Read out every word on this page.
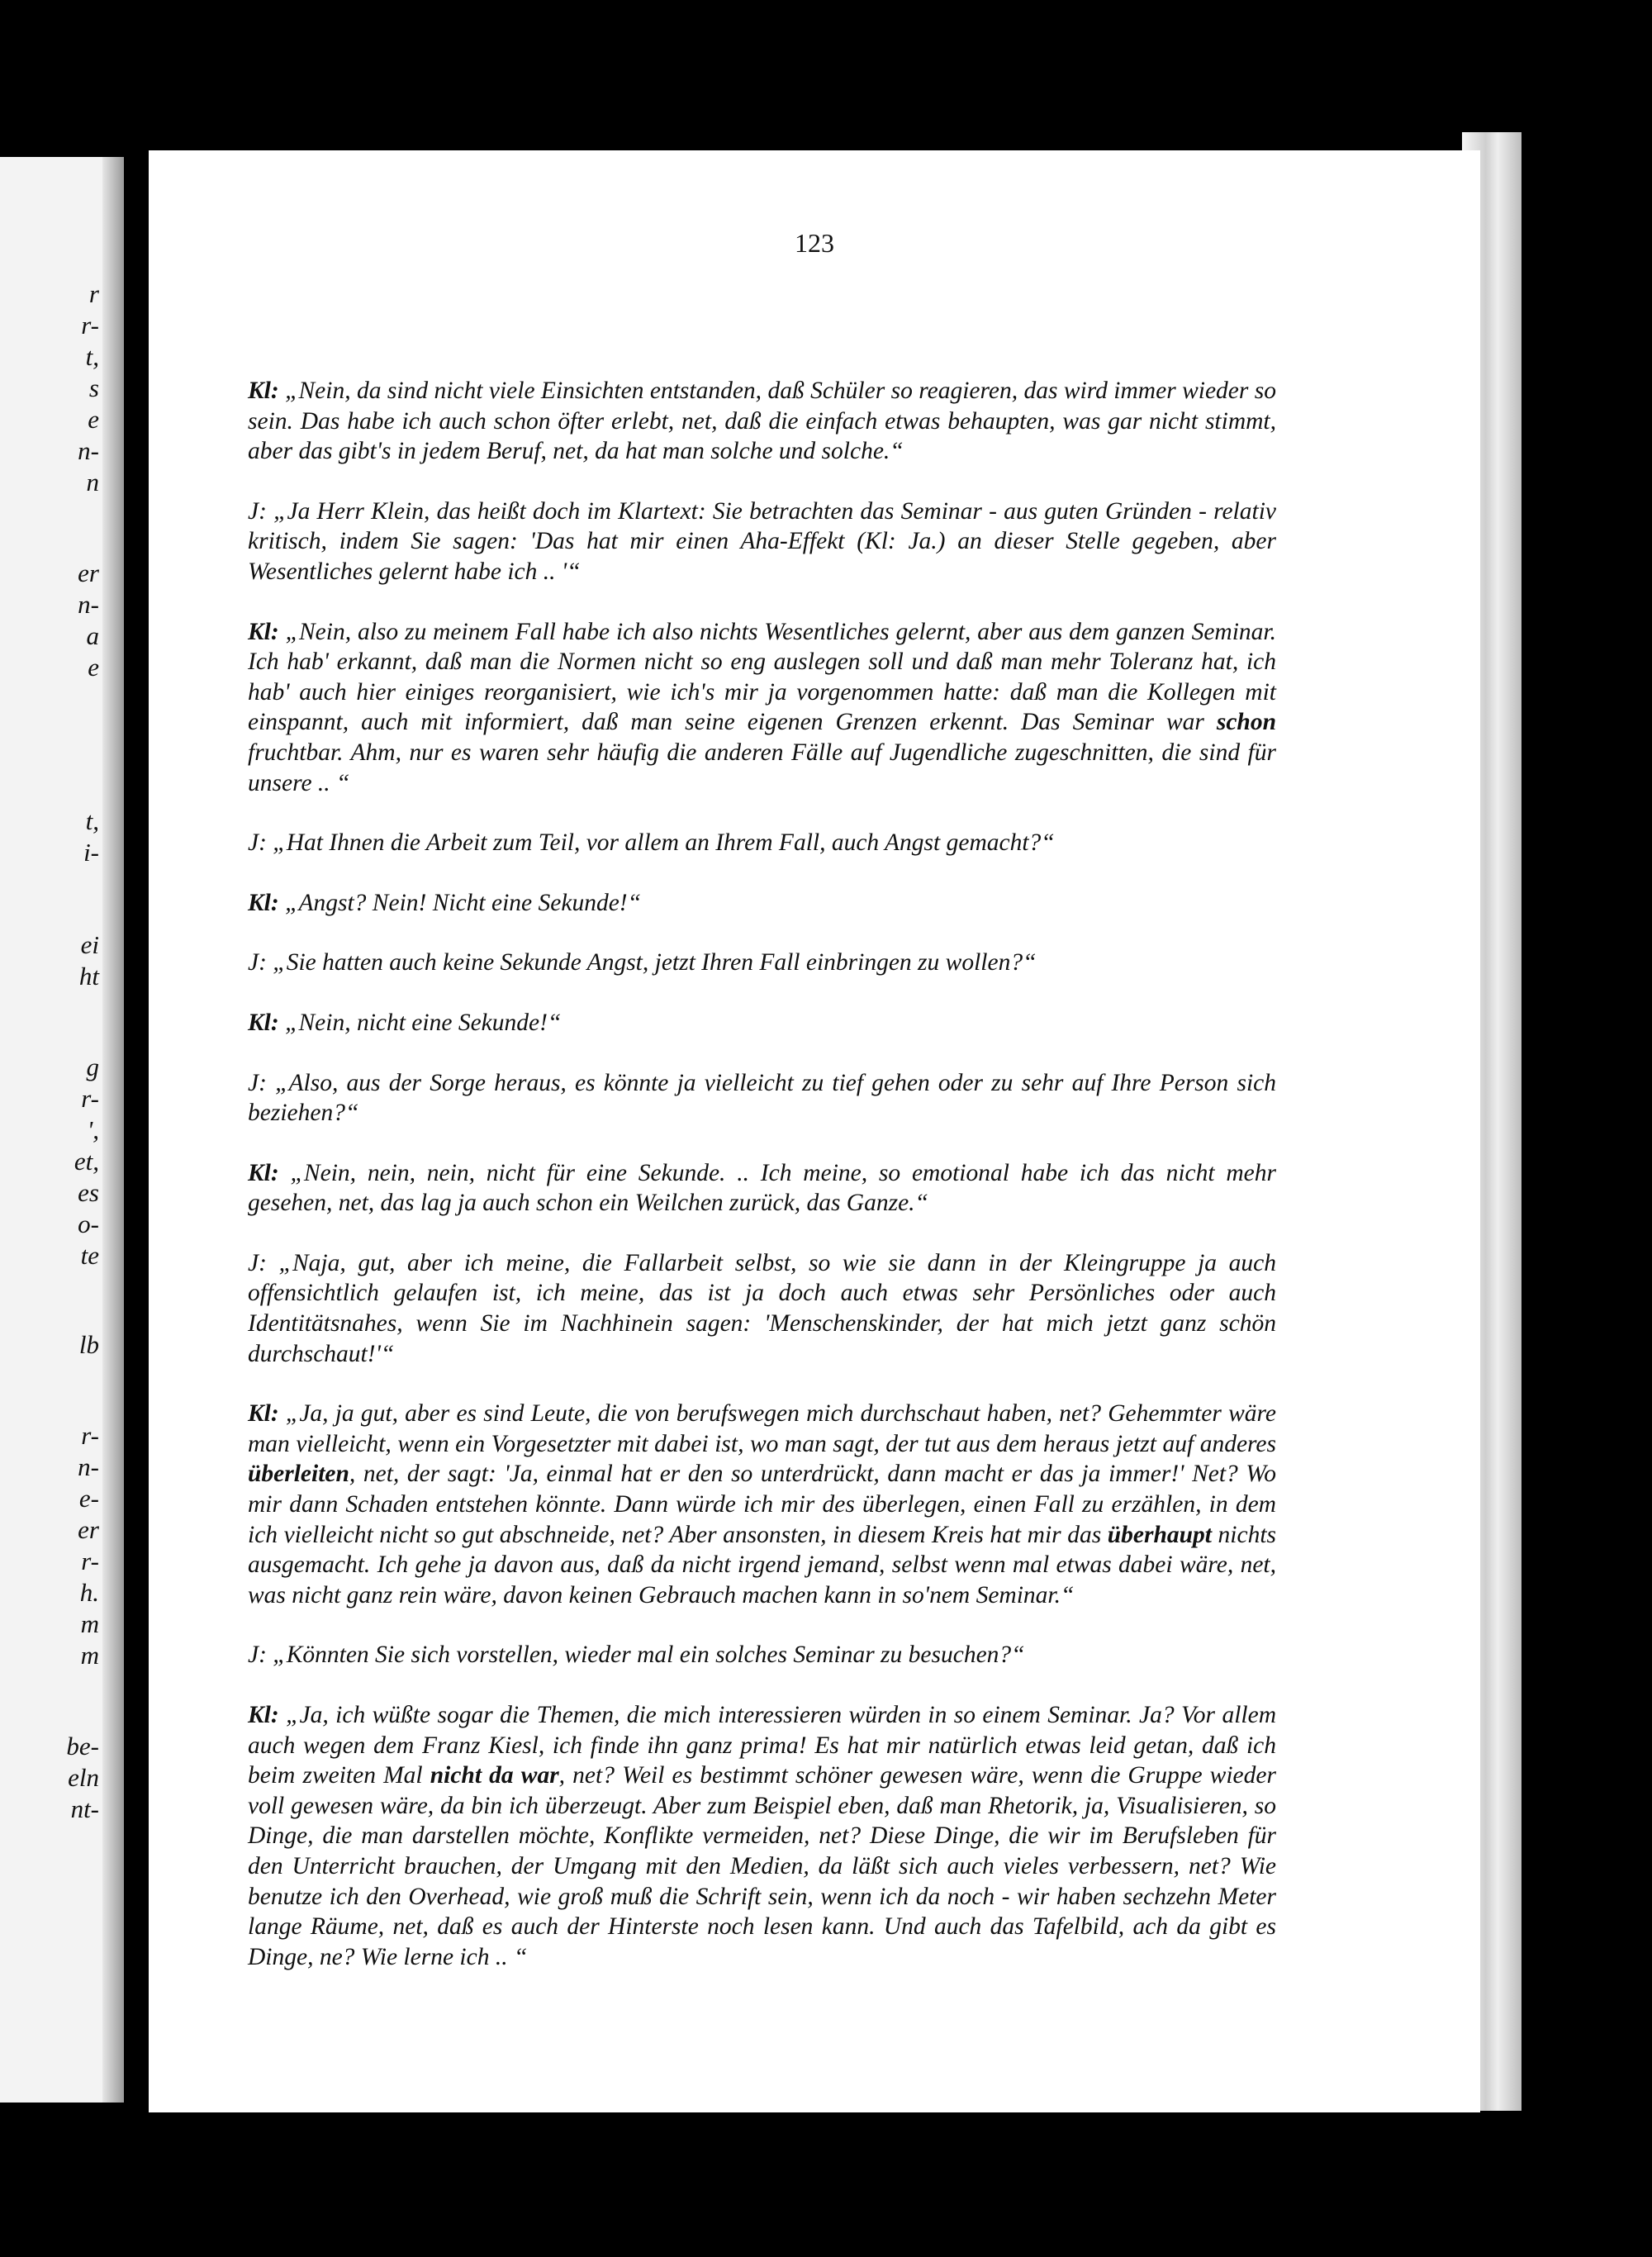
r
r-
t,
s
e
n-
n
er
n-
a
e
t,
i-
ei
ht
g
r-
',
et,
es
o-
te
lb
r-
n-
e-
er
r-
h.
m
m
be-
eln
nt-
123

Kl: „Nein, da sind nicht viele Einsichten entstanden, daß Schüler so reagieren, das wird immer wieder so sein. Das habe ich auch schon öfter erlebt, net, daß die einfach etwas behaupten, was gar nicht stimmt, aber das gibt's in jedem Beruf, net, da hat man solche und solche.“

J: „Ja Herr Klein, das heißt doch im Klartext: Sie betrachten das Seminar - aus guten Gründen - relativ kritisch, indem Sie sagen: 'Das hat mir einen Aha-Effekt (Kl: Ja.) an dieser Stelle gegeben, aber Wesentliches gelernt habe ich .. '“

Kl: „Nein, also zu meinem Fall habe ich also nichts Wesentliches gelernt, aber aus dem ganzen Seminar. Ich hab' erkannt, daß man die Normen nicht so eng auslegen soll und daß man mehr Toleranz hat, ich hab' auch hier einiges reorganisiert, wie ich's mir ja vorgenommen hatte: daß man die Kollegen mit einspannt, auch mit informiert, daß man seine eigenen Grenzen erkennt. Das Seminar war schon fruchtbar. Ahm, nur es waren sehr häufig die anderen Fälle auf Jugendliche zugeschnitten, die sind für unsere .. “

J: „Hat Ihnen die Arbeit zum Teil, vor allem an Ihrem Fall, auch Angst gemacht?“

Kl: „Angst? Nein! Nicht eine Sekunde!“

J: „Sie hatten auch keine Sekunde Angst, jetzt Ihren Fall einbringen zu wollen?“

Kl: „Nein, nicht eine Sekunde!“

J: „Also, aus der Sorge heraus, es könnte ja vielleicht zu tief gehen oder zu sehr auf Ihre Person sich beziehen?“

Kl: „Nein, nein, nein, nicht für eine Sekunde. .. Ich meine, so emotional habe ich das nicht mehr gesehen, net, das lag ja auch schon ein Weilchen zurück, das Ganze.“

J: „Naja, gut, aber ich meine, die Fallarbeit selbst, so wie sie dann in der Kleingruppe ja auch offensichtlich gelaufen ist, ich meine, das ist ja doch auch etwas sehr Persönliches oder auch Identitätsnahes, wenn Sie im Nachhinein sagen: 'Menschenskinder, der hat mich jetzt ganz schön durchschaut!'“

Kl: „Ja, ja gut, aber es sind Leute, die von berufswegen mich durchschaut haben, net? Gehemmter wäre man vielleicht, wenn ein Vorgesetzter mit dabei ist, wo man sagt, der tut aus dem heraus jetzt auf anderes überleiten, net, der sagt: 'Ja, einmal hat er den so unterdrückt, dann macht er das ja immer!' Net? Wo mir dann Schaden entstehen könnte. Dann würde ich mir des überlegen, einen Fall zu erzählen, in dem ich vielleicht nicht so gut abschneide, net? Aber ansonsten, in diesem Kreis hat mir das überhaupt nichts ausgemacht. Ich gehe ja davon aus, daß da nicht irgend jemand, selbst wenn mal etwas dabei wäre, net, was nicht ganz rein wäre, davon keinen Gebrauch machen kann in so'nem Seminar.“

J: „Könnten Sie sich vorstellen, wieder mal ein solches Seminar zu besuchen?“

Kl: „Ja, ich wüßte sogar die Themen, die mich interessieren würden in so einem Seminar. Ja? Vor allem auch wegen dem Franz Kiesl, ich finde ihn ganz prima! Es hat mir natürlich etwas leid getan, daß ich beim zweiten Mal nicht da war, net? Weil es bestimmt schöner gewesen wäre, wenn die Gruppe wieder voll gewesen wäre, da bin ich überzeugt. Aber zum Beispiel eben, daß man Rhetorik, ja, Visualisieren, so Dinge, die man darstellen möchte, Konflikte vermeiden, net? Diese Dinge, die wir im Berufsleben für den Unterricht brauchen, der Umgang mit den Medien, da läßt sich auch vieles verbessern, net? Wie benutze ich den Overhead, wie groß muß die Schrift sein, wenn ich da noch - wir haben sechzehn Meter lange Räume, net, daß es auch der Hinterste noch lesen kann. Und auch das Tafelbild, ach da gibt es Dinge, ne? Wie lerne ich .. “
